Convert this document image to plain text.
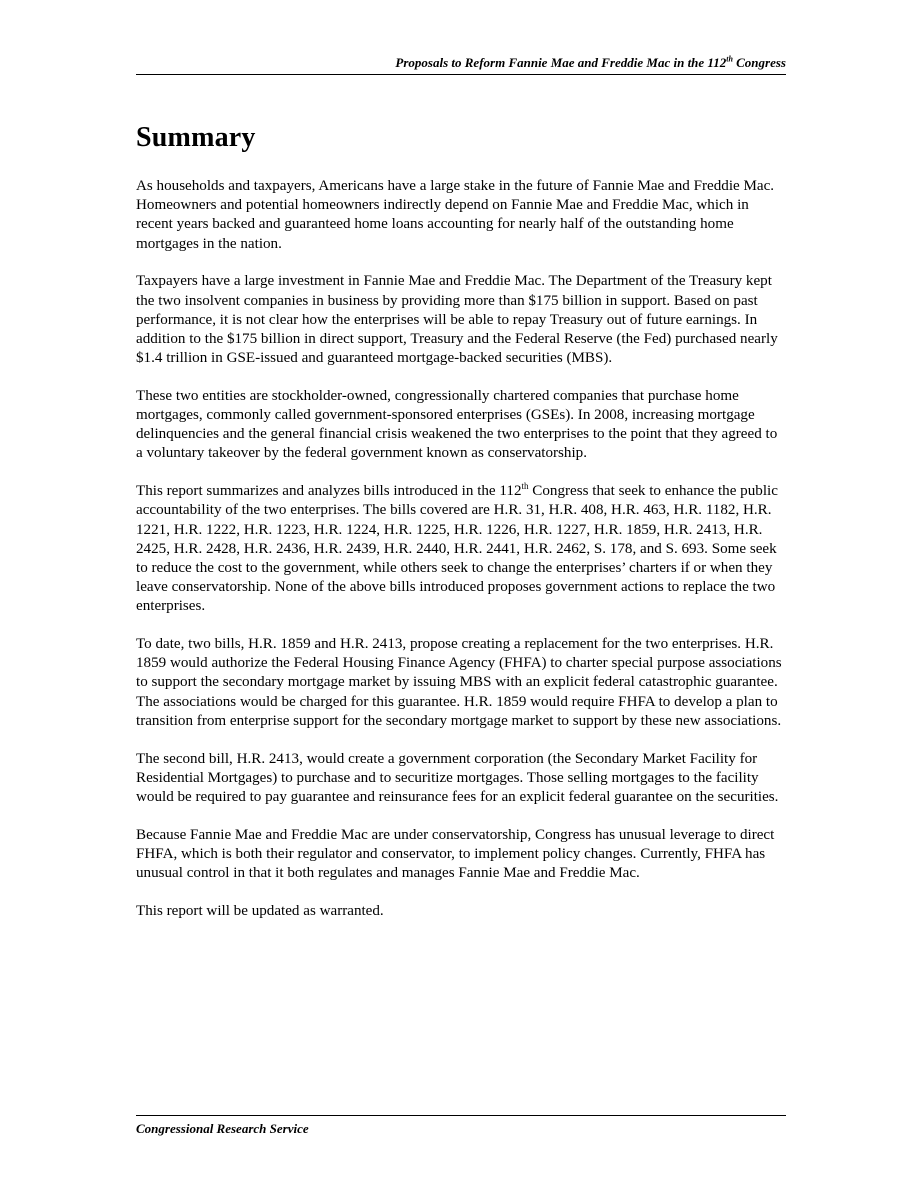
Proposals to Reform Fannie Mae and Freddie Mac in the 112th Congress
Summary

As households and taxpayers, Americans have a large stake in the future of Fannie Mae and Freddie Mac. Homeowners and potential homeowners indirectly depend on Fannie Mae and Freddie Mac, which in recent years backed and guaranteed home loans accounting for nearly half of the outstanding home mortgages in the nation.

Taxpayers have a large investment in Fannie Mae and Freddie Mac. The Department of the Treasury kept the two insolvent companies in business by providing more than $175 billion in support. Based on past performance, it is not clear how the enterprises will be able to repay Treasury out of future earnings. In addition to the $175 billion in direct support, Treasury and the Federal Reserve (the Fed) purchased nearly $1.4 trillion in GSE-issued and guaranteed mortgage-backed securities (MBS).

These two entities are stockholder-owned, congressionally chartered companies that purchase home mortgages, commonly called government-sponsored enterprises (GSEs). In 2008, increasing mortgage delinquencies and the general financial crisis weakened the two enterprises to the point that they agreed to a voluntary takeover by the federal government known as conservatorship.

This report summarizes and analyzes bills introduced in the 112th Congress that seek to enhance the public accountability of the two enterprises. The bills covered are H.R. 31, H.R. 408, H.R. 463, H.R. 1182, H.R. 1221, H.R. 1222, H.R. 1223, H.R. 1224, H.R. 1225, H.R. 1226, H.R. 1227, H.R. 1859, H.R. 2413, H.R. 2425, H.R. 2428, H.R. 2436, H.R. 2439, H.R. 2440, H.R. 2441, H.R. 2462, S. 178, and S. 693. Some seek to reduce the cost to the government, while others seek to change the enterprises’ charters if or when they leave conservatorship. None of the above bills introduced proposes government actions to replace the two enterprises.

To date, two bills, H.R. 1859 and H.R. 2413, propose creating a replacement for the two enterprises. H.R. 1859 would authorize the Federal Housing Finance Agency (FHFA) to charter special purpose associations to support the secondary mortgage market by issuing MBS with an explicit federal catastrophic guarantee. The associations would be charged for this guarantee. H.R. 1859 would require FHFA to develop a plan to transition from enterprise support for the secondary mortgage market to support by these new associations.

The second bill, H.R. 2413, would create a government corporation (the Secondary Market Facility for Residential Mortgages) to purchase and to securitize mortgages. Those selling mortgages to the facility would be required to pay guarantee and reinsurance fees for an explicit federal guarantee on the securities.

Because Fannie Mae and Freddie Mac are under conservatorship, Congress has unusual leverage to direct FHFA, which is both their regulator and conservator, to implement policy changes. Currently, FHFA has unusual control in that it both regulates and manages Fannie Mae and Freddie Mac.

This report will be updated as warranted.

Congressional Research Service
